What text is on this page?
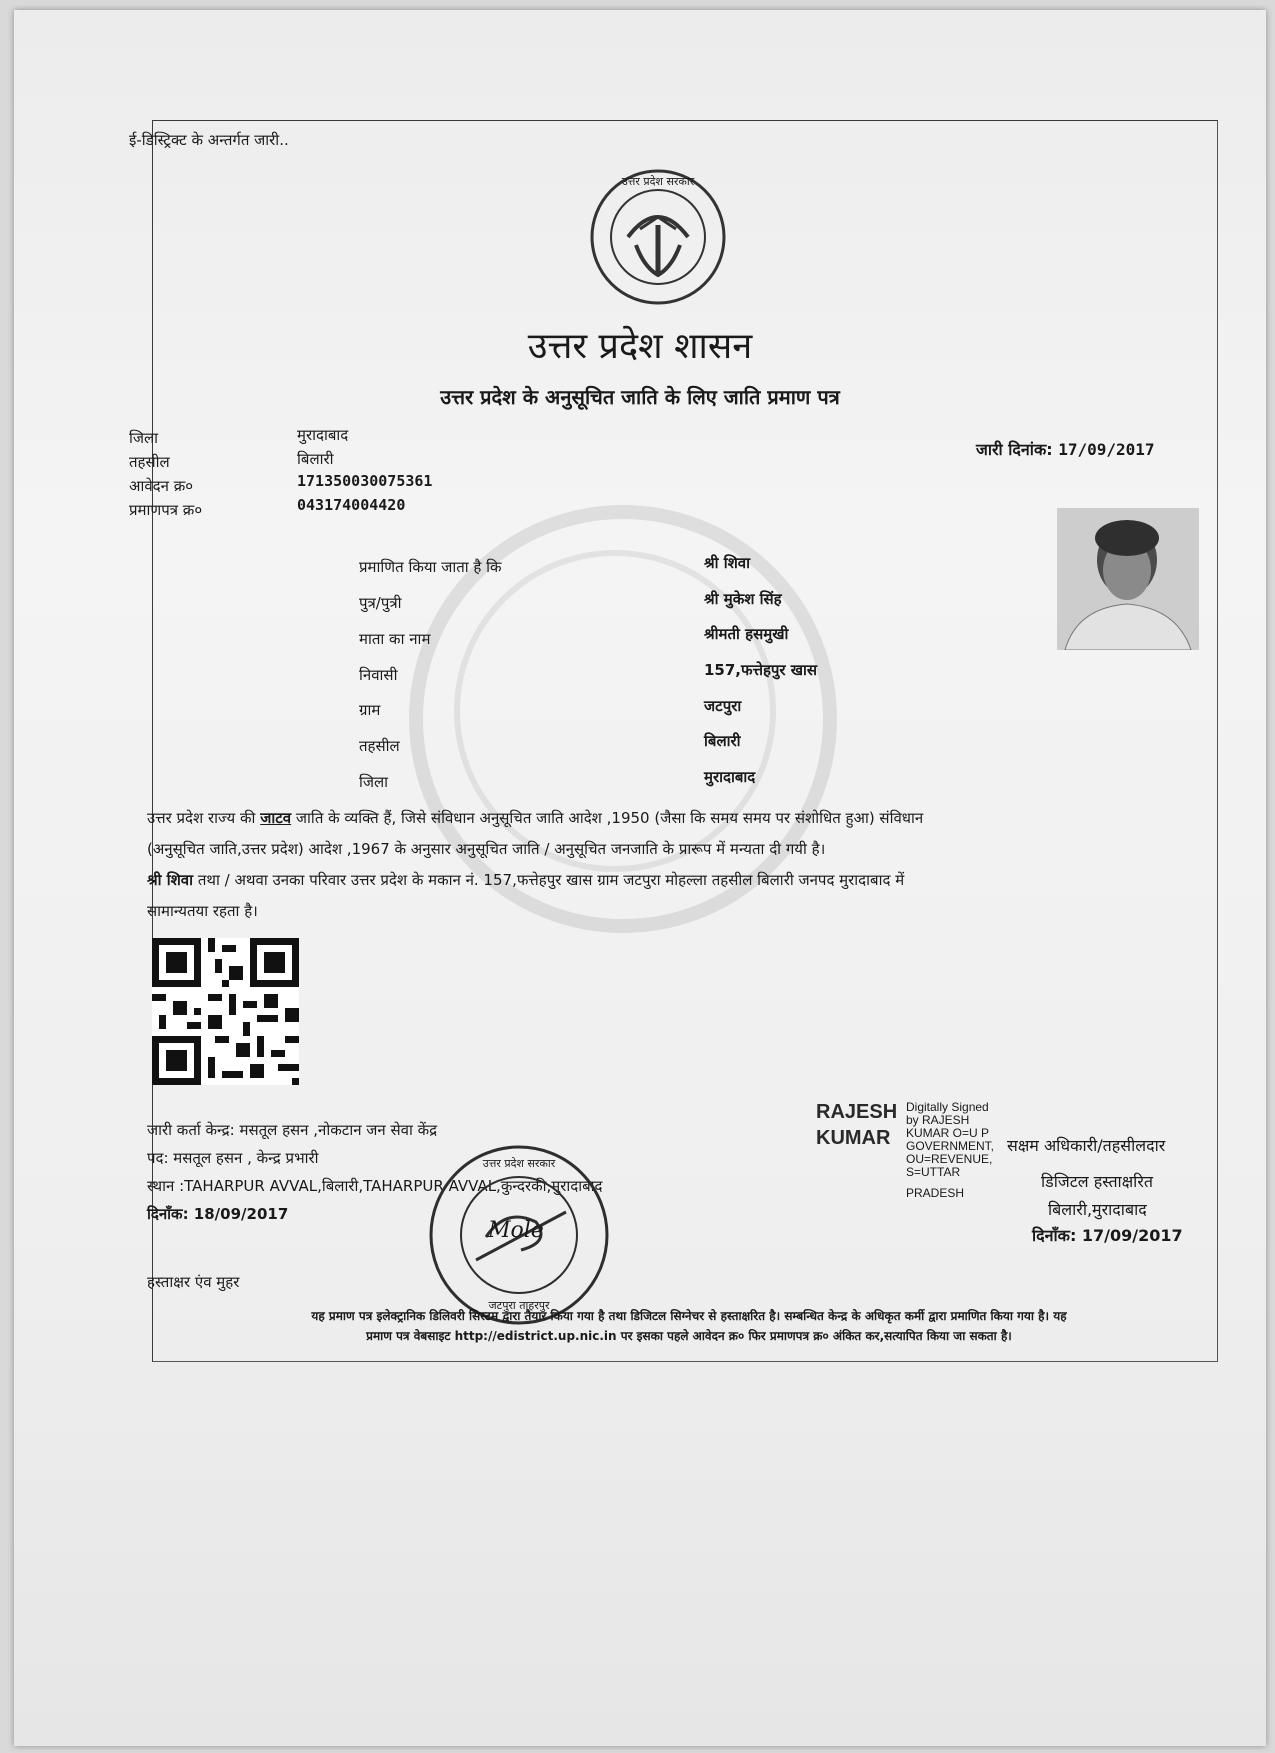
ई-डिस्ट्रिक्ट के अन्तर्गत जारी..
उत्तर प्रदेश सरकार
उत्तर प्रदेश शासन
उत्तर प्रदेश के अनुसूचित जाति के लिए जाति प्रमाण पत्र
जिला	मुरादाबाद
तहसील	बिलारी
आवेदन क्र०	171350030075361
प्रमाणपत्र क्र०	043174004420
जारी दिनांक: 17/09/2017
प्रमाणित किया जाता है कि	श्री शिवा
पुत्र/पुत्री	श्री मुकेश सिंह
माता का नाम	श्रीमती हसमुखी
निवासी	157,फत्तेहपुर खास
ग्राम	जटपुरा
तहसील	बिलारी
जिला	मुरादाबाद
उत्तर प्रदेश राज्य की जाटव जाति के व्यक्ति हैं, जिसे संविधान अनुसूचित जाति आदेश ,1950 (जैसा कि समय समय पर संशोधित हुआ) संविधान
(अनुसूचित जाति,उत्तर प्रदेश) आदेश ,1967 के अनुसार अनुसूचित जाति / अनुसूचित जनजाति के प्रारूप में मन्यता दी गयी है।
श्री शिवा तथा / अथवा उनका परिवार उत्तर प्रदेश के मकान नं. 157,फत्तेहपुर खास ग्राम जटपुरा मोहल्ला तहसील बिलारी जनपद मुरादाबाद में
सामान्यतया रहता है।
जारी कर्ता केन्द्र: मसतूल हसन ,नोकटान जन सेवा केंद्र
पद: मसतूल हसन , केन्द्र प्रभारी
स्थान :TAHARPUR AVVAL,बिलारी,TAHARPUR AVVAL,कुन्दरकी,मुरादाबाद
दिनाँक: 18/09/2017
हस्ताक्षर एंव मुहर
उत्तर प्रदेश सरकार
जटपुरा ताहरपुर
Mole
RAJESH
KUMAR
Digitally Signed
by RAJESH
KUMAR O=U P
GOVERNMENT,
OU=REVENUE,
S=UTTAR
PRADESH
सक्षम अधिकारी/तहसीलदार
डिजिटल हस्ताक्षरित
बिलारी,मुरादाबाद
दिनाँक: 17/09/2017
यह प्रमाण पत्र इलेक्ट्रानिक डिलिवरी सिस्टम द्वारा तैयार किया गया है तथा डिजिटल सिग्नेचर से हस्ताक्षरित है। सम्बन्धित केन्द्र के अधिकृत कर्मी द्वारा प्रमाणित किया गया है। यह
प्रमाण पत्र वेबसाइट http://edistrict.up.nic.in पर इसका पहले आवेदन क्र० फिर प्रमाणपत्र क्र० अंकित कर,सत्यापित किया जा सकता है।
